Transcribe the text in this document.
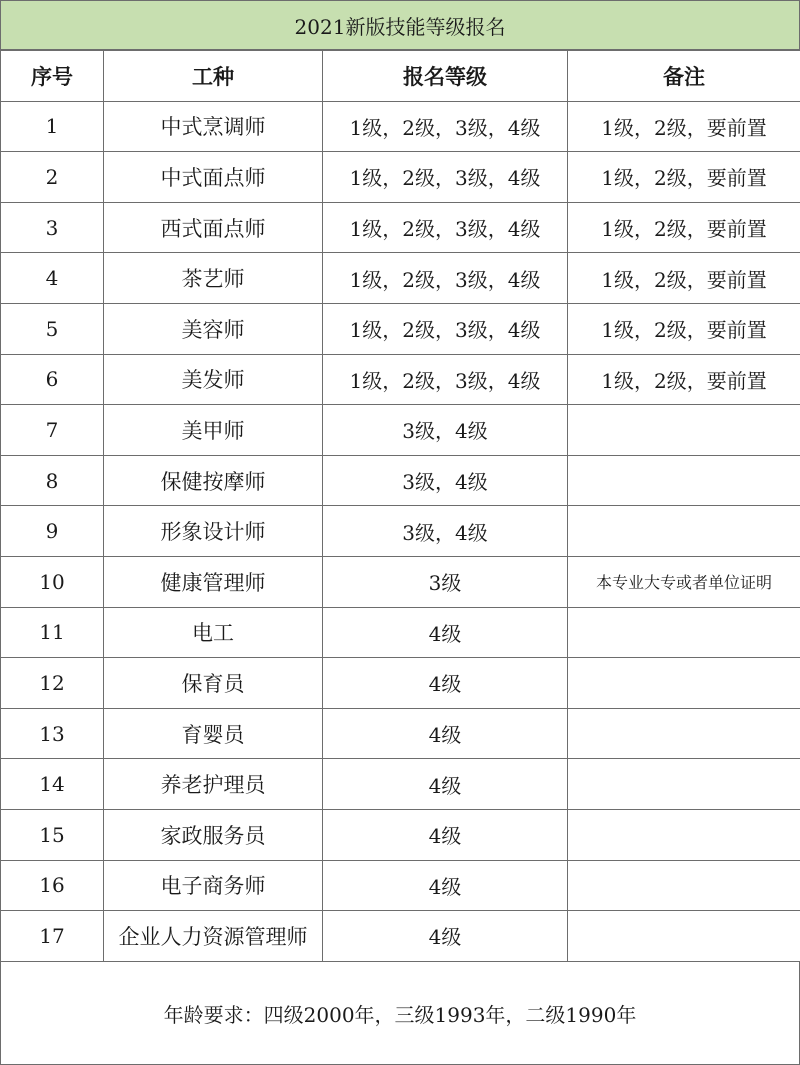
2021新版技能等级报名
序号	工种	报名等级	备注
1	中式烹调师	1级，2级，3级，4级	1级，2级，要前置
2	中式面点师	1级，2级，3级，4级	1级，2级，要前置
3	西式面点师	1级，2级，3级，4级	1级，2级，要前置
4	茶艺师	1级，2级，3级，4级	1级，2级，要前置
5	美容师	1级，2级，3级，4级	1级，2级，要前置
6	美发师	1级，2级，3级，4级	1级，2级，要前置
7	美甲师	3级，4级	
8	保健按摩师	3级，4级	
9	形象设计师	3级，4级	
10	健康管理师	3级	本专业大专或者单位证明
11	电工	4级	
12	保育员	4级	
13	育婴员	4级	
14	养老护理员	4级	
15	家政服务员	4级	
16	电子商务师	4级	
17	企业人力资源管理师	4级	
年龄要求：四级2000年，三级1993年，二级1990年
